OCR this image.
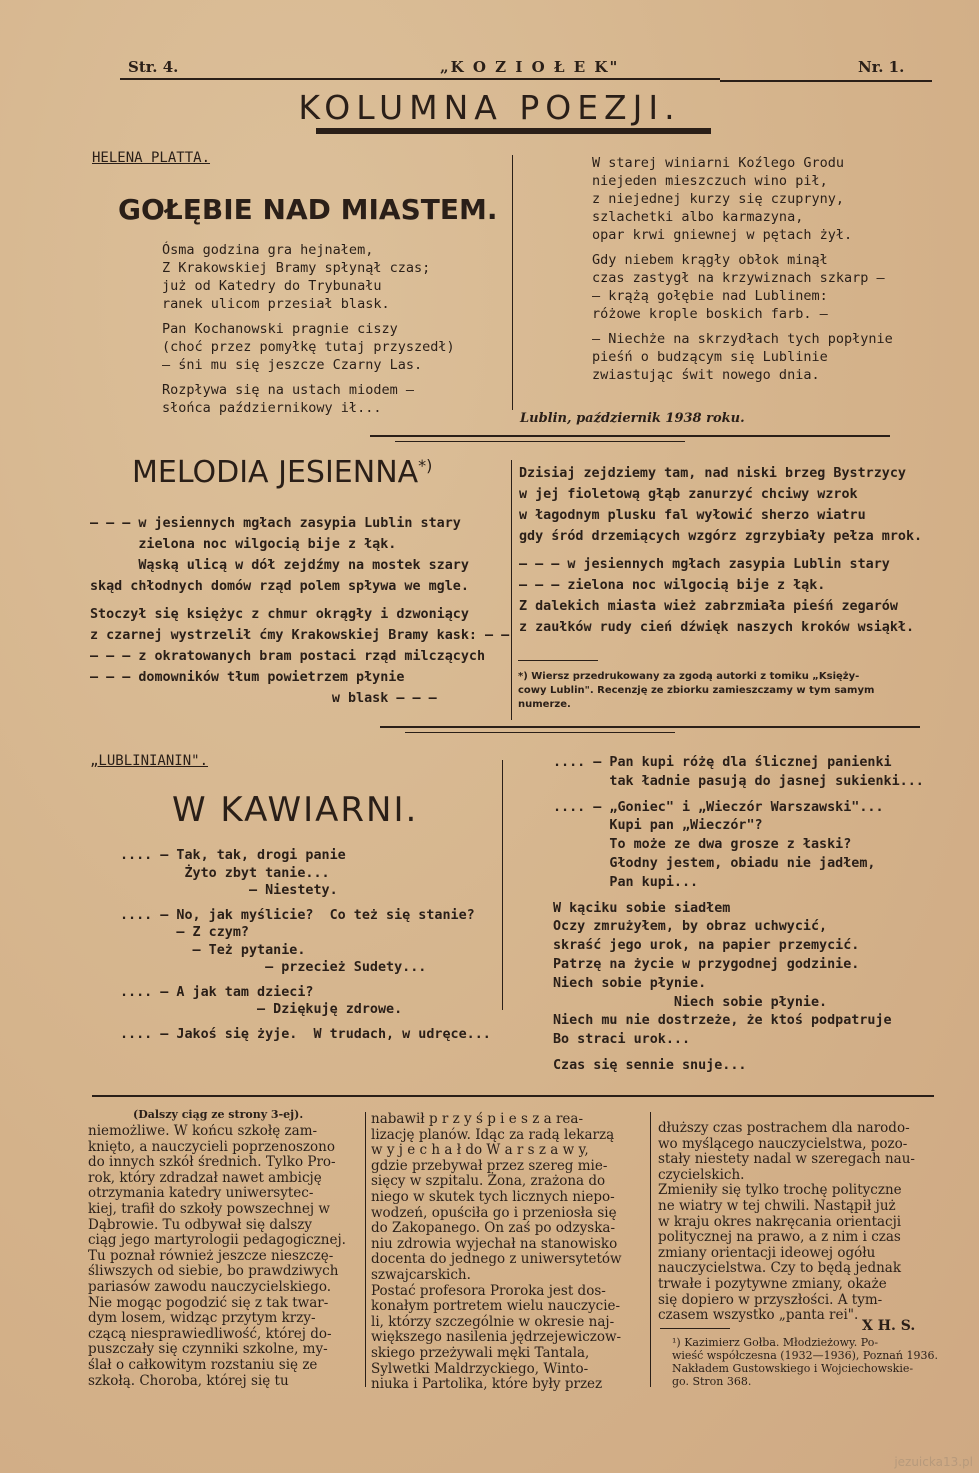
Str. 4.	„K O Z I O Ł E K"	Nr. 1.
KOLUMNA POEZJI.
HELENA PLATTA.
GOŁĘBIE NAD MIASTEM.
Ósma godzina gra hejnałem,
Z Krakowskiej Bramy spłynął czas;
już od Katedry do Trybunału
ranek ulicom przesiał blask.

Pan Kochanowski pragnie ciszy
(choć przez pomyłkę tutaj przyszedł)
— śni mu się jeszcze Czarny Las.

Rozpływa się na ustach miodem —
słońca październikowy ił...
W starej winiarni Koźlego Grodu
niejeden mieszczuch wino pił,
z niejednej kurzy się czupryny,
szlachetki albo karmazyna,
opar krwi gniewnej w pętach żył.

Gdy niebem krągły obłok minął
czas zastygł na krzywiznach szkarp —
— krążą gołębie nad Lublinem:
różowe krople boskich farb. —

— Niechże na skrzydłach tych popłynie
pieśń o budzącym się Lublinie
zwiastując świt nowego dnia.
Lublin, październik 1938 roku.
MELODIA JESIENNA*)
— — — w jesiennych mgłach zasypia Lublin stary
zielona noc wilgocią bije z łąk.
Wąską ulicą w dół zejdźmy na mostek szary
skąd chłodnych domów rząd polem spływa we mgle.

Stoczył się księżyc z chmur okrągły i dzwoniący
z czarnej wystrzelił ćmy Krakowskiej Bramy kask: — —
— — — z okratowanych bram postaci rząd milczących
— — — domowników tłum powietrzem płynie
w blask — — —
Dzisiaj zejdziemy tam, nad niski brzeg Bystrzycy
w jej fioletową głąb zanurzyć chciwy wzrok
w łagodnym plusku fal wyłowić sherzo wiatru
gdy śród drzemiących wzgórz zgrzybiały pełza mrok.

— — — w jesiennych mgłach zasypia Lublin stary
— — — zielona noc wilgocią bije z łąk.
Z dalekich miasta wież zabrzmiała pieśń zegarów
z zaułków rudy cień dźwięk naszych kroków wsiąkł.
*) Wiersz przedrukowany za zgodą autorki z tomiku „Księży-
cowy Lublin". Recenzję ze zbiorku zamieszczamy w tym samym
numerze.
„LUBLINIANIN".
W KAWIARNI.
.... — Tak, tak, drogi panie
Żyto zbyt tanie...
— Niestety.

.... — No, jak myślicie?  Co też się stanie?
— Z czym?
— Też pytanie.
— przecież Sudety...

.... — A jak tam dzieci?
— Dziękuję zdrowe.

.... — Jakoś się żyje.  W trudach, w udręce...
.... — Pan kupi różę dla ślicznej panienki
tak ładnie pasują do jasnej sukienki...

.... — „Goniec" i „Wieczór Warszawski"...
Kupi pan „Wieczór"?
To może ze dwa grosze z łaski?
Głodny jestem, obiadu nie jadłem,
Pan kupi...

W kąciku sobie siadłem
Oczy zmrużyłem, by obraz uchwycić,
skraść jego urok, na papier przemycić.
Patrzę na życie w przygodnej godzinie.
Niech sobie płynie.
Niech sobie płynie.
Niech mu nie dostrzeże, że ktoś podpatruje
Bo straci urok...

Czas się sennie snuje...
(Dalszy ciąg ze strony 3-ej).
niemożliwe. W końcu szkołę zam-
knięto, a nauczycieli poprzenoszono
do innych szkół średnich. Tylko Pro-
rok, który zdradzał nawet ambicję
otrzymania katedry uniwersytec-
kiej, trafił do szkoły powszechnej w
Dąbrowie. Tu odbywał się dalszy
ciąg jego martyrologii pedagogicznej.
Tu poznał również jeszcze nieszczę-
śliwszych od siebie, bo prawdziwych
pariasów zawodu nauczycielskiego.
Nie mogąc pogodzić się z tak twar-
dym losem, widząc przytym krzy-
czącą niesprawiedliwość, której do-
puszczały się czynniki szkolne, my-
ślał o całkowitym rozstaniu się ze
szkołą. Choroba, której się tu
nabawił p r z y ś p i e s z a rea-
lizację planów. Idąc za radą lekarzą
w y j e c h a ł do W a r s z a w y,
gdzie przebywał przez szereg mie-
sięcy w szpitalu. Żona, zrażona do
niego w skutek tych licznych niepo-
wodzeń, opuściła go i przeniosła się
do Zakopanego. On zaś po odzyska-
niu zdrowia wyjechał na stanowisko
docenta do jednego z uniwersytetów
szwajcarskich.
Postać profesora Proroka jest dos-
konałym portretem wielu nauczycie-
li, którzy szczególnie w okresie naj-
większego nasilenia jędrzejewiczow-
skiego przeżywali męki Tantala,
Sylwetki Maldrzyckiego, Winto-
niuka i Partolika, które były przez
dłuższy czas postrachem dla narodo-
wo myślącego nauczycielstwa, pozo-
stały niestety nadal w szeregach nau-
czycielskich.
Zmieniły się tylko trochę polityczne
ne wiatry w tej chwili. Nastąpił już
w kraju okres nakręcania orientacji
politycznej na prawo, a z nim i czas
zmiany orientacji ideowej ogółu
nauczycielstwa. Czy to będą jednak
trwałe i pozytywne zmiany, okaże
się dopiero w przyszłości. A tym-
czasem wszystko „panta rei".
X H. S.
¹) Kazimierz Gołba. Młodzieżowy. Po-
wieść współczesna (1932—1936), Poznań 1936.
Nakładem Gustowskiego i Wojciechowskie-
go. Stron 368.
jezuicka13.pl
